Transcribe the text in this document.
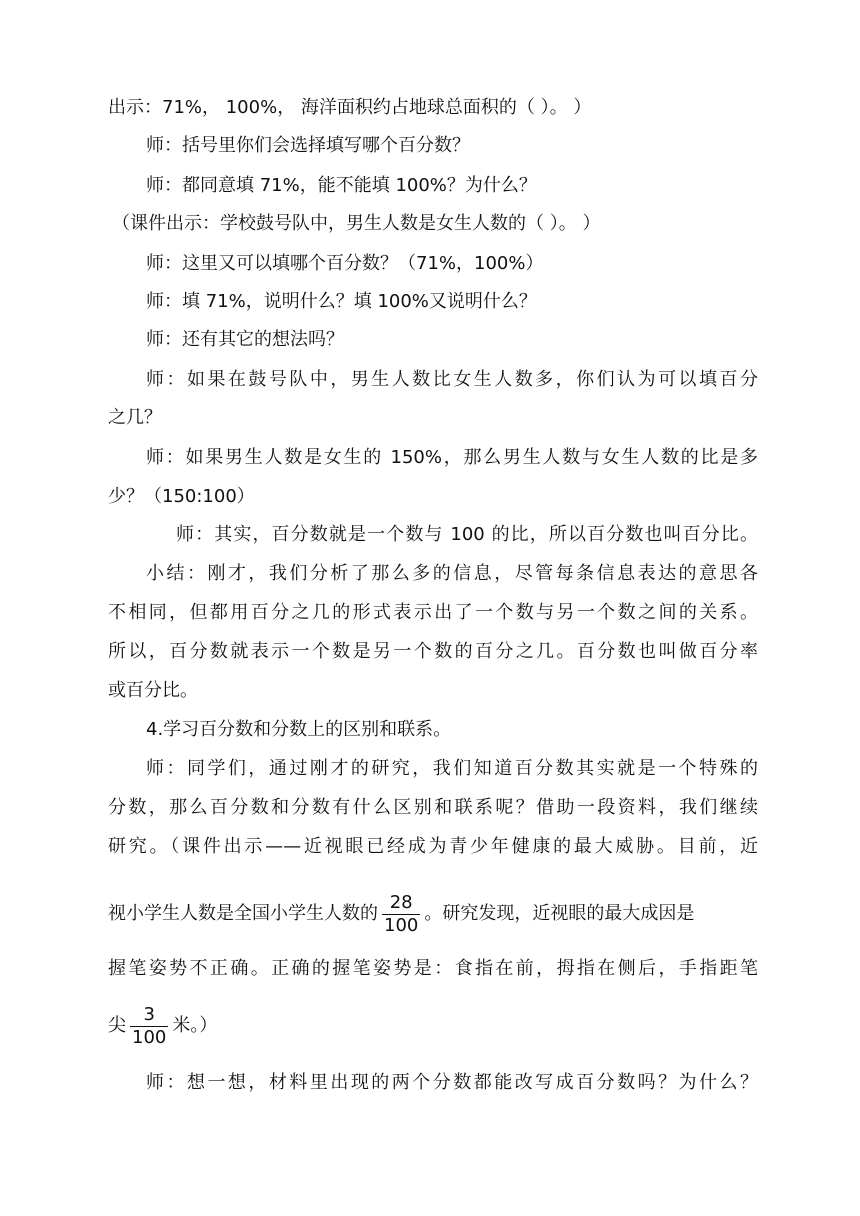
出示：71%， 100%， 海洋面积约占地球总面积的（ ）。 ）
师：括号里你们会选择填写哪个百分数？
师：都同意填 71%，能不能填 100%？为什么？
（课件出示：学校鼓号队中，男生人数是女生人数的（ ）。 ）
师：这里又可以填哪个百分数？（71%，100%）
师：填 71%，说明什么？填 100%又说明什么？
师：还有其它的想法吗？
师：如果在鼓号队中，男生人数比女生人数多，你们认为可以填百分
之几？
师：如果男生人数是女生的 150%，那么男生人数与女生人数的比是多
少？（150:100）
师：其实，百分数就是一个数与 100 的比，所以百分数也叫百分比。
小结：刚才，我们分析了那么多的信息，尽管每条信息表达的意思各
不相同，但都用百分之几的形式表示出了一个数与另一个数之间的关系。
所以，百分数就表示一个数是另一个数的百分之几。百分数也叫做百分率
或百分比。
4.学习百分数和分数上的区别和联系。
师：同学们，通过刚才的研究，我们知道百分数其实就是一个特殊的
分数，那么百分数和分数有什么区别和联系呢？借助一段资料，我们继续
研究。（课件出示——近视眼已经成为青少年健康的最大威胁。目前，近
视小学生人数是全国小学生人数的 $\frac{28}{100}$ 。研究发现，近视眼的最大成因是
握笔姿势不正确。正确的握笔姿势是：食指在前，拇指在侧后，手指距笔
尖 $\frac{3}{100}$ 米。）
师：想一想，材料里出现的两个分数都能改写成百分数吗？为什么？
